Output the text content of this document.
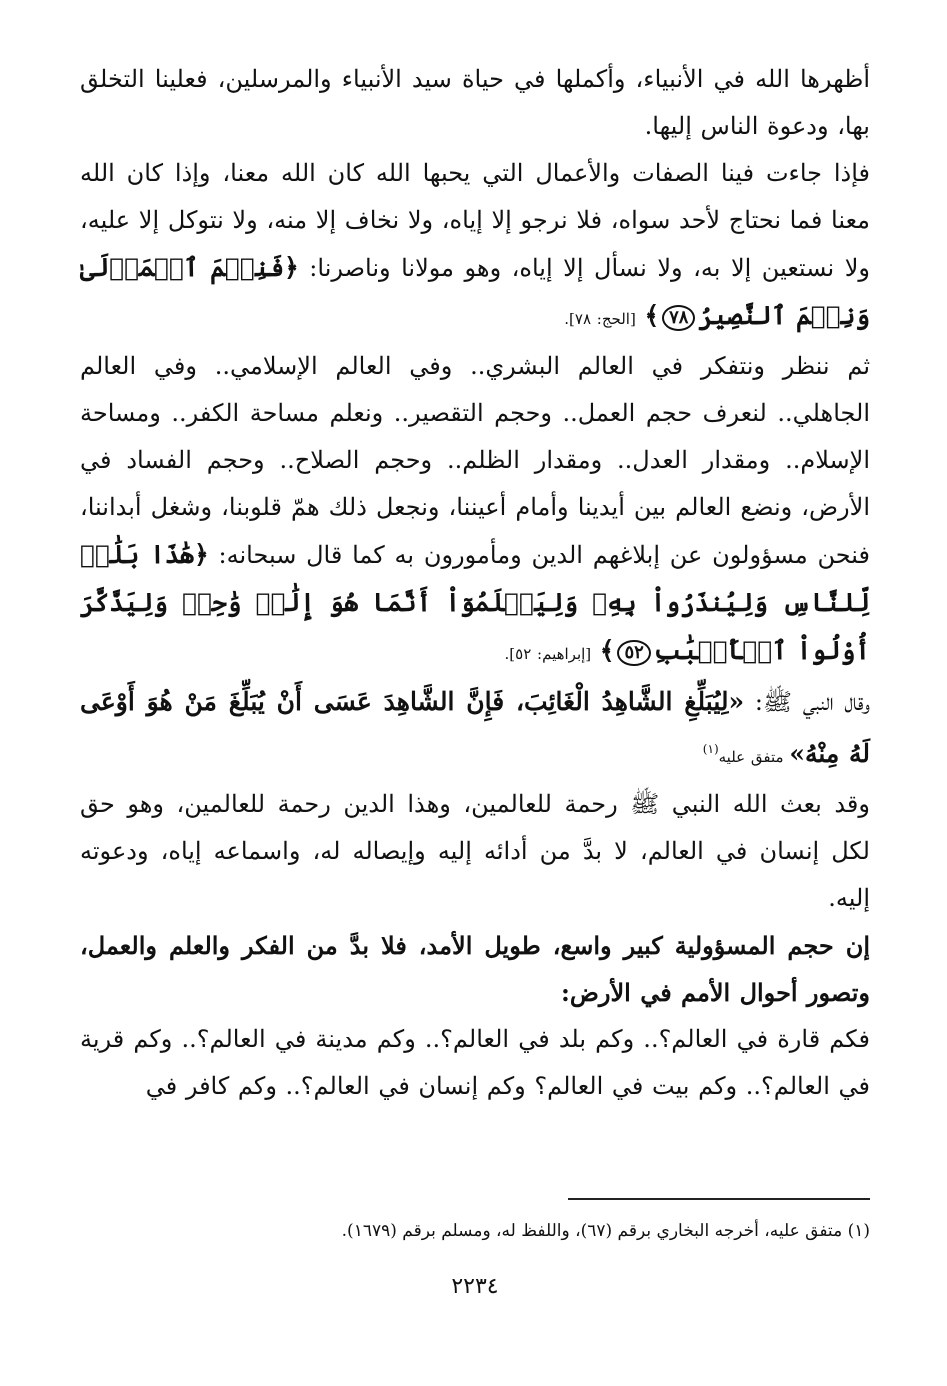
أظهرها الله في الأنبياء، وأكملها في حياة سيد الأنبياء والمرسلين، فعلينا التخلق بها، ودعوة الناس إليها.

فإذا جاءت فينا الصفات والأعمال التي يحبها الله كان الله معنا، وإذا كان الله معنا فما نحتاج لأحد سواه، فلا نرجو إلا إياه، ولا نخاف إلا منه، ولا نتوكل إلا عليه، ولا نستعين إلا به، ولا نسأل إلا إياه، وهو مولانا وناصرنا: ﴿فَنِعۡمَ ٱلۡمَوۡلَىٰ وَنِعۡمَ ٱلنَّصِيرُ٧٨﴾ [الحج: ٧٨].

ثم ننظر ونتفكر في العالم البشري.. وفي العالم الإسلامي.. وفي العالم الجاهلي.. لنعرف حجم العمل.. وحجم التقصير.. ونعلم مساحة الكفر.. ومساحة الإسلام.. ومقدار العدل.. ومقدار الظلم.. وحجم الصلاح.. وحجم الفساد في الأرض، ونضع العالم بين أيدينا وأمام أعيننا، ونجعل ذلك همّ قلوبنا، وشغل أبداننا، فنحن مسؤولون عن إبلاغهم الدين ومأمورون به كما قال سبحانه: ﴿هَٰذَا بَلَٰغٞ لِّلنَّاسِ وَلِيُنذَرُواْ بِهِۦ وَلِيَعۡلَمُوٓاْ أَنَّمَا هُوَ إِلَٰهٞ وَٰحِدٞ وَلِيَذَّكَّرَ أُوْلُواْ ٱلۡأَلۡبَٰبِ٥٢﴾ [إبراهيم: ٥٢].

وقال النبي ﷺ: «لِيُبَلِّغِ الشَّاهِدُ الْغَائِبَ، فَإِنَّ الشَّاهِدَ عَسَى أَنْ يُبَلِّغَ مَنْ هُوَ أَوْعَى لَهُ مِنْهُ» متفق عليه$^{(١)}$

وقد بعث الله النبي ﷺ رحمة للعالمين، وهذا الدين رحمة للعالمين، وهو حق لكل إنسان في العالم، لا بدَّ من أدائه إليه وإيصاله له، واسماعه إياه، ودعوته إليه.

إن حجم المسؤولية كبير واسع، طويل الأمد، فلا بدَّ من الفكر والعلم والعمل، وتصور أحوال الأمم في الأرض:

فكم قارة في العالم؟.. وكم بلد في العالم؟.. وكم مدينة في العالم؟.. وكم قرية في العالم؟.. وكم بيت في العالم؟ وكم إنسان في العالم؟.. وكم كافر في

(١) متفق عليه، أخرجه البخاري برقم (٦٧)، واللفظ له، ومسلم برقم (١٦٧٩).

٢٢٣٤
